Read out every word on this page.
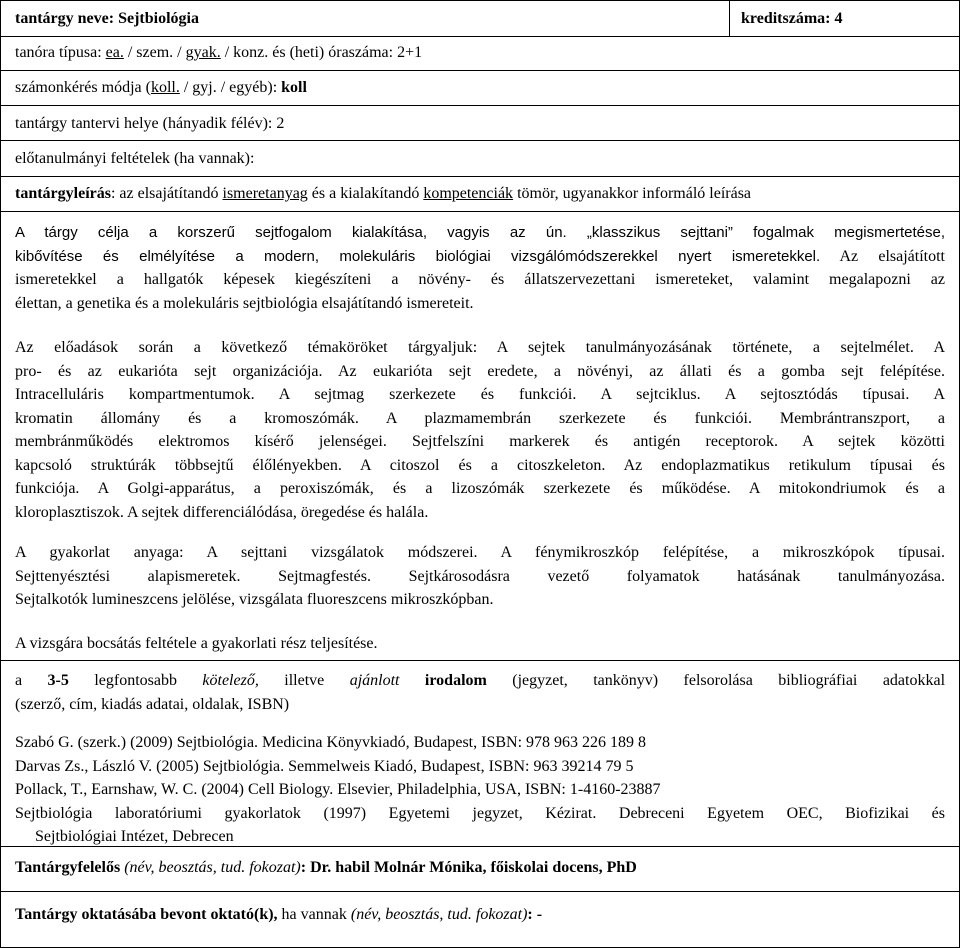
tantárgy neve: Sejtbiológia	kreditszáma: 4
tanóra típusa: ea. / szem. / gyak. / konz. és (heti) óraszáma: 2+1
számonkérés módja (koll. / gyj. / egyéb): koll
tantárgy tantervi helye (hányadik félév): 2
előtanulmányi feltételek (ha vannak):
tantárgyleírás: az elsajátítandó ismeretanyag és a kialakítandó kompetenciák tömör, ugyanakkor informáló leírása
A tárgy célja a korszerű sejtfogalom kialakítása, vagyis az ún. „klasszikus sejttani” fogalmak megismertetése,
kibővítése és elmélyítése a modern, molekuláris biológiai vizsgálómódszerekkel nyert ismeretekkel. Az elsajátított
ismeretekkel a hallgatók képesek kiegészíteni a növény- és állatszervezettani ismereteket, valamint megalapozni az
élettan, a genetika és a molekuláris sejtbiológia elsajátítandó ismereteit.
Az előadások során a következő témaköröket tárgyaljuk: A sejtek tanulmányozásának története, a sejtelmélet. A
pro- és az eukarióta sejt organizációja. Az eukarióta sejt eredete, a növényi, az állati és a gomba sejt felépítése.
Intracelluláris kompartmentumok. A sejtmag szerkezete és funkciói. A sejtciklus. A sejtosztódás típusai. A
kromatin állomány és a kromoszómák. A plazmamembrán szerkezete és funkciói. Membrántranszport, a
membránműködés elektromos kísérő jelenségei. Sejtfelszíni markerek és antigén receptorok. A sejtek közötti
kapcsoló struktúrák többsejtű élőlényekben. A citoszol és a citoszkeleton. Az endoplazmatikus retikulum típusai és
funkciója. A Golgi-apparátus, a peroxiszómák, és a lizoszómák szerkezete és működése. A mitokondriumok és a
kloroplasztiszok. A sejtek differenciálódása, öregedése és halála.
A gyakorlat anyaga: A sejttani vizsgálatok módszerei. A fénymikroszkóp felépítése, a mikroszkópok típusai.
Sejttenyésztési alapismeretek. Sejtmagfestés. Sejtkárosodásra vezető folyamatok hatásának tanulmányozása.
Sejtalkotók lumineszcens jelölése, vizsgálata fluoreszcens mikroszkópban.
A vizsgára bocsátás feltétele a gyakorlati rész teljesítése.
a 3-5 legfontosabb kötelező, illetve ajánlott irodalom (jegyzet, tankönyv) felsorolása bibliográfiai adatokkal
(szerző, cím, kiadás adatai, oldalak, ISBN)
Szabó G. (szerk.) (2009) Sejtbiológia. Medicina Könyvkiadó, Budapest, ISBN: 978 963 226 189 8
Darvas Zs., László V. (2005) Sejtbiológia. Semmelweis Kiadó, Budapest, ISBN: 963 39214 79 5
Pollack, T., Earnshaw, W. C. (2004) Cell Biology. Elsevier, Philadelphia, USA, ISBN: 1-4160-23887
Sejtbiológia laboratóriumi gyakorlatok (1997) Egyetemi jegyzet, Kézirat. Debreceni Egyetem OEC, Biofizikai és
Sejtbiológiai Intézet, Debrecen
Tantárgyfelelős (név, beosztás, tud. fokozat): Dr. habil Molnár Mónika, főiskolai docens, PhD
Tantárgy oktatásába bevont oktató(k), ha vannak (név, beosztás, tud. fokozat): -
